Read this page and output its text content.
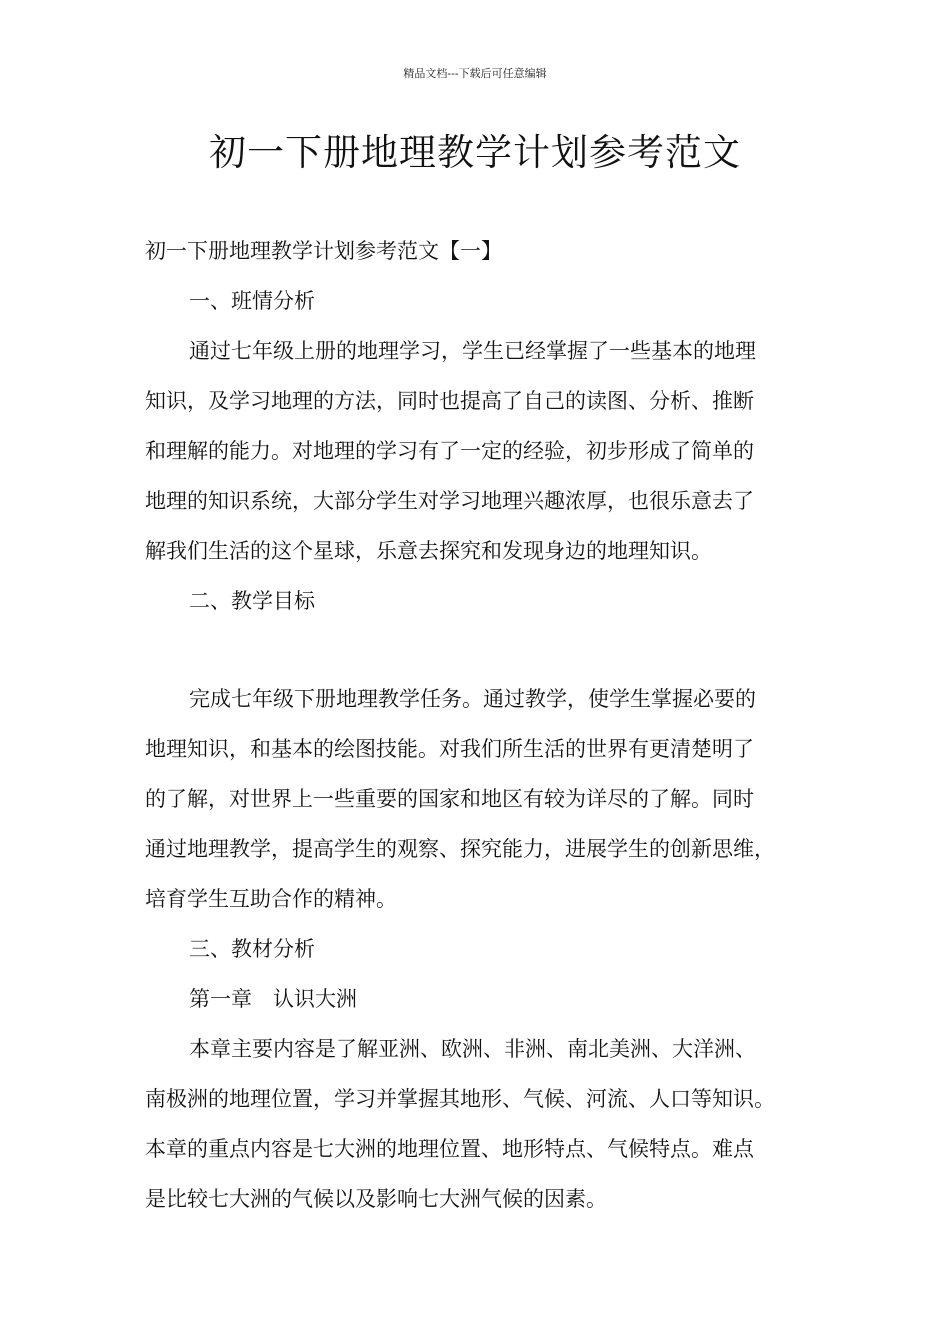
精品文档---下载后可任意编辑
初一下册地理教学计划参考范文
初一下册地理教学计划参考范文【一】
一、班情分析
通过七年级上册的地理学习，学生已经掌握了一些基本的地理
知识，及学习地理的方法，同时也提高了自己的读图、分析、推断
和理解的能力。对地理的学习有了一定的经验，初步形成了简单的
地理的知识系统，大部分学生对学习地理兴趣浓厚，也很乐意去了
解我们生活的这个星球，乐意去探究和发现身边的地理知识。
二、教学目标
完成七年级下册地理教学任务。通过教学，使学生掌握必要的
地理知识，和基本的绘图技能。对我们所生活的世界有更清楚明了
的了解，对世界上一些重要的国家和地区有较为详尽的了解。同时
通过地理教学，提高学生的观察、探究能力，进展学生的创新思维，
培育学生互助合作的精神。
三、教材分析
第一章　认识大洲
本章主要内容是了解亚洲、欧洲、非洲、南北美洲、大洋洲、
南极洲的地理位置，学习并掌握其地形、气候、河流、人口等知识。
本章的重点内容是七大洲的地理位置、地形特点、气候特点。难点
是比较七大洲的气候以及影响七大洲气候的因素。
